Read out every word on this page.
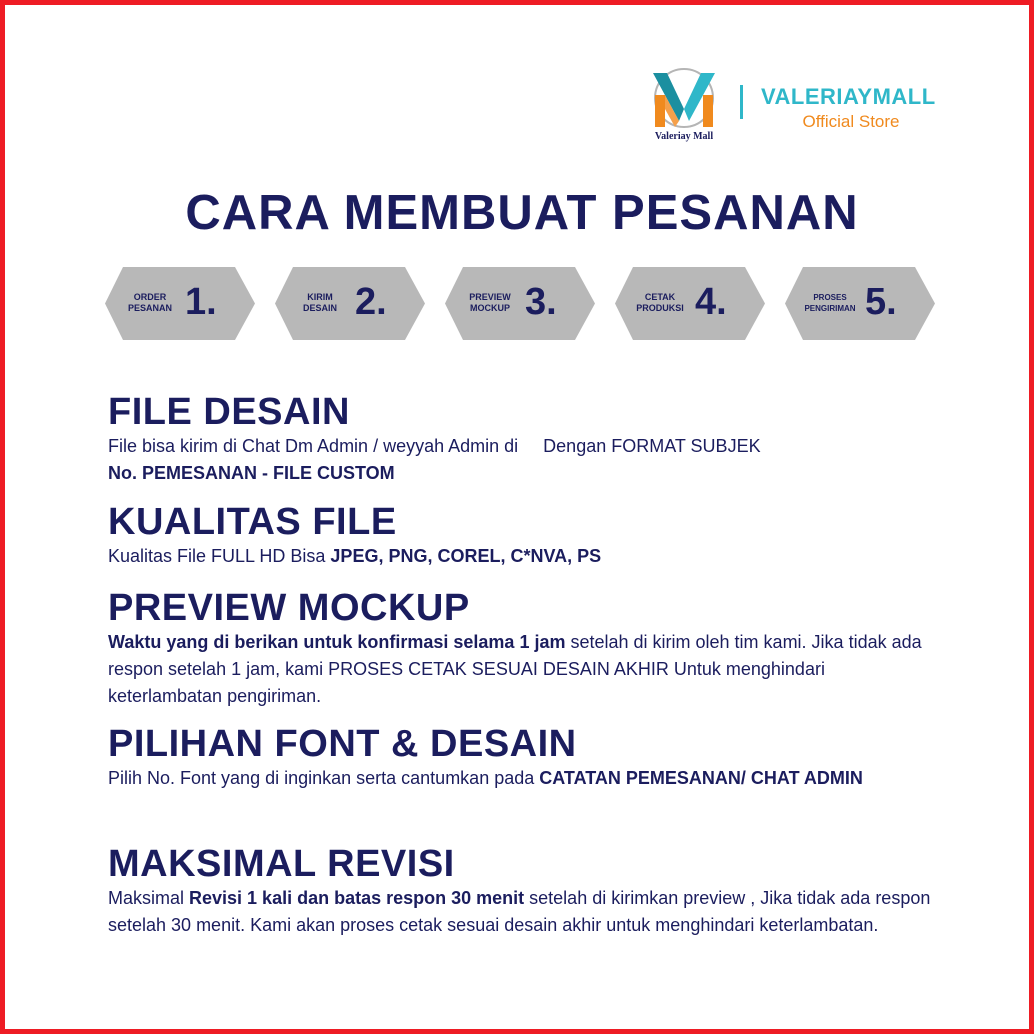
Valeriay Mall
VALERIAYMALL
Official Store
CARA MEMBUAT PESANAN
ORDER
PESANAN 1.	KIRIM
DESAIN 2.	PREVIEW
MOCKUP 3.	CETAK
PRODUKSI 4.	PROSES
PENGIRIMAN 5.
FILE DESAIN

File bisa kirim di Chat Dm Admin / weyyah Admin di Dengan FORMAT SUBJEK
No. PEMESANAN - FILE CUSTOM

KUALITAS FILE

Kualitas File FULL HD Bisa JPEG, PNG, COREL, C*NVA, PS

PREVIEW MOCKUP

Waktu yang di berikan untuk konfirmasi selama 1 jam setelah di kirim oleh tim kami. Jika tidak ada respon setelah 1 jam, kami PROSES CETAK SESUAI DESAIN AKHIR Untuk menghindari keterlambatan pengiriman.

PILIHAN FONT & DESAIN

Pilih No. Font yang di inginkan serta cantumkan pada CATATAN PEMESANAN/ CHAT ADMIN

MAKSIMAL REVISI

Maksimal Revisi 1 kali dan batas respon 30 menit setelah di kirimkan preview , Jika tidak ada respon setelah 30 menit. Kami akan proses cetak sesuai desain akhir untuk menghindari keterlambatan.
